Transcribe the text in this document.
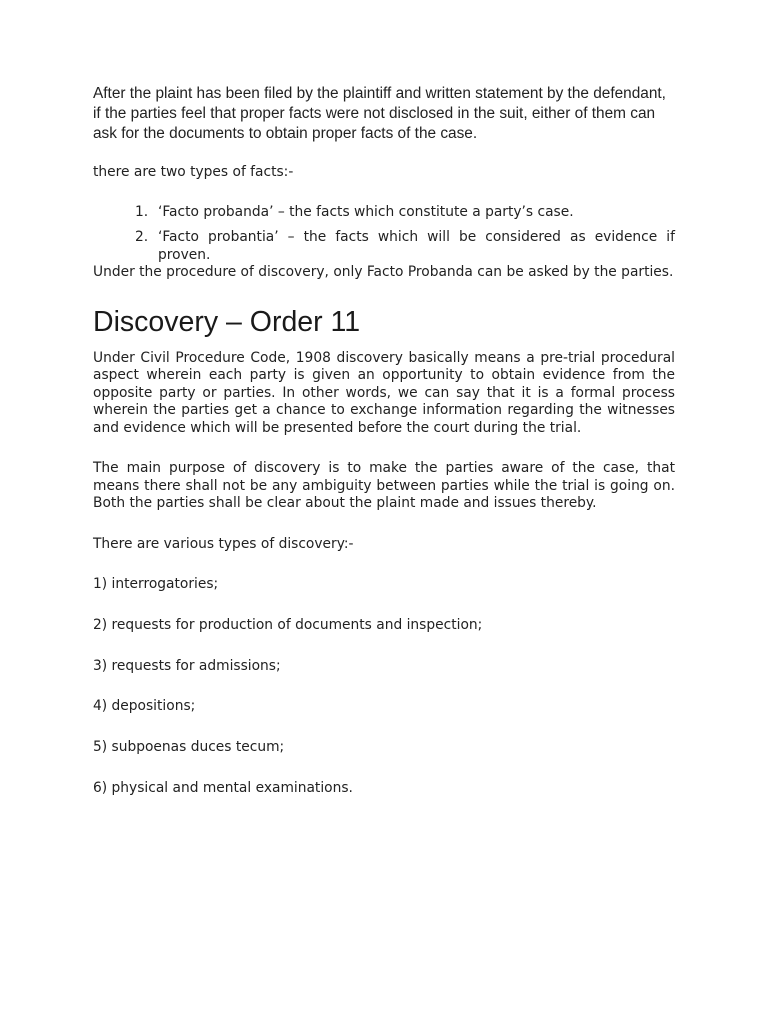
After the plaint has been filed by the plaintiff and written statement by the defendant, if the parties feel that proper facts were not disclosed in the suit, either of them can ask for the documents to obtain proper facts of the case.

there are two types of facts:-

1. ‘Facto probanda’ – the facts which constitute a party’s case.
2. ‘Facto probantia’ – the facts which will be considered as evidence if proven.

Under the procedure of discovery, only Facto Probanda can be asked by the parties.

Discovery – Order 11

Under Civil Procedure Code, 1908 discovery basically means a pre-trial procedural aspect wherein each party is given an opportunity to obtain evidence from the opposite party or parties. In other words, we can say that it is a formal process wherein the parties get a chance to exchange information regarding the witnesses and evidence which will be presented before the court during the trial.

The main purpose of discovery is to make the parties aware of the case, that means there shall not be any ambiguity between parties while the trial is going on. Both the parties shall be clear about the plaint made and issues thereby.

There are various types of discovery:-

1) interrogatories;

2) requests for production of documents and inspection;

3) requests for admissions;

4) depositions;

5) subpoenas duces tecum;

6) physical and mental examinations.
